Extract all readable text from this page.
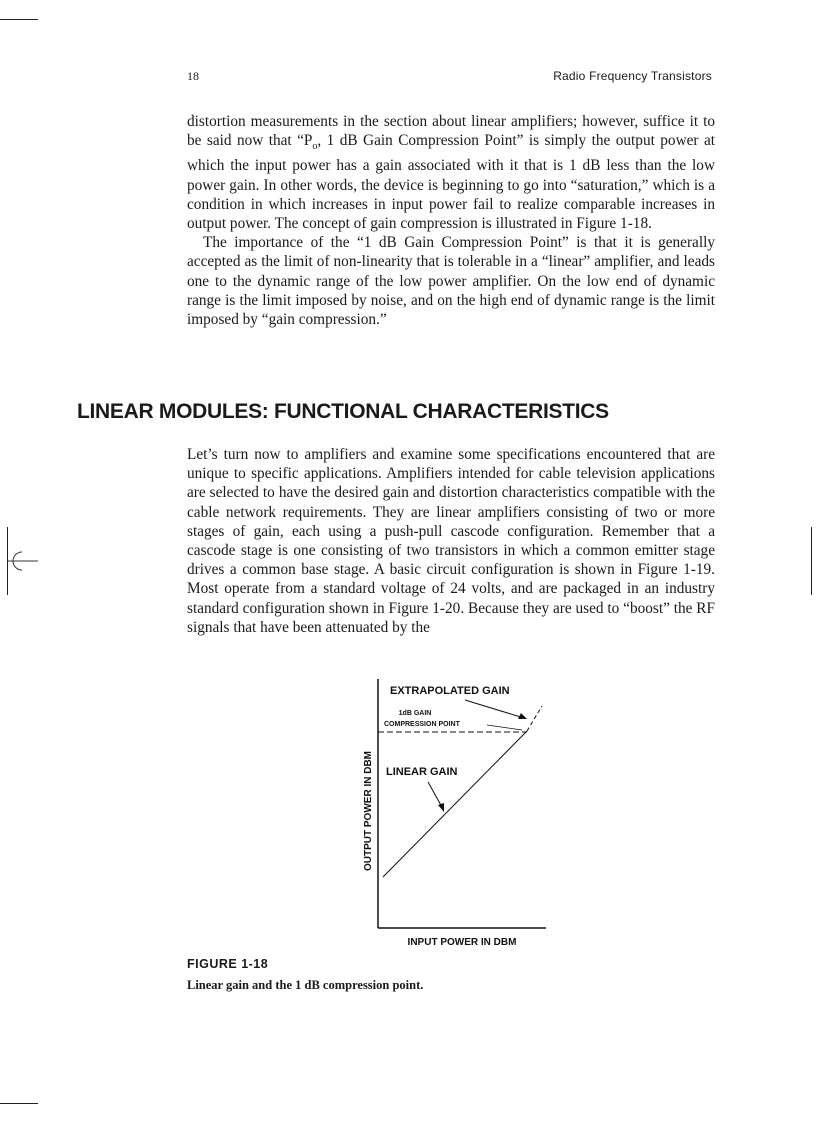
18	Radio Frequency Transistors

distortion measurements in the section about linear amplifiers; however, suffice it to be said now that “$P_o$, 1 dB Gain Compression Point” is simply the output power at which the input power has a gain associated with it that is 1 dB less than the low power gain. In other words, the device is beginning to go into “saturation,” which is a condition in which increases in input power fail to realize comparable increases in output power. The concept of gain compression is illustrated in Figure 1-18.

The importance of the “1 dB Gain Compression Point” is that it is generally accepted as the limit of non-linearity that is tolerable in a “linear” amplifier, and leads one to the dynamic range of the low power amplifier. On the low end of dynamic range is the limit imposed by noise, and on the high end of dynamic range is the limit imposed by “gain compression.”

LINEAR MODULES: FUNCTIONAL CHARACTERISTICS

Let’s turn now to amplifiers and examine some specifications encountered that are unique to specific applications. Amplifiers intended for cable television applications are selected to have the desired gain and distortion characteristics compatible with the cable network requirements. They are linear amplifiers consisting of two or more stages of gain, each using a push-pull cascode configuration. Remember that a cascode stage is one consisting of two transistors in which a common emitter stage drives a common base stage. A basic circuit configuration is shown in Figure 1-19. Most operate from a standard voltage of 24 volts, and are packaged in an industry standard configuration shown in Figure 1-20. Because they are used to “boost” the RF signals that have been attenuated by the

OUTPUT POWER IN DBM
INPUT POWER IN DBM
EXTRAPOLATED GAIN
1dB GAIN
COMPRESSION POINT
LINEAR GAIN
FIGURE 1-18
Linear gain and the 1 dB compression point.
